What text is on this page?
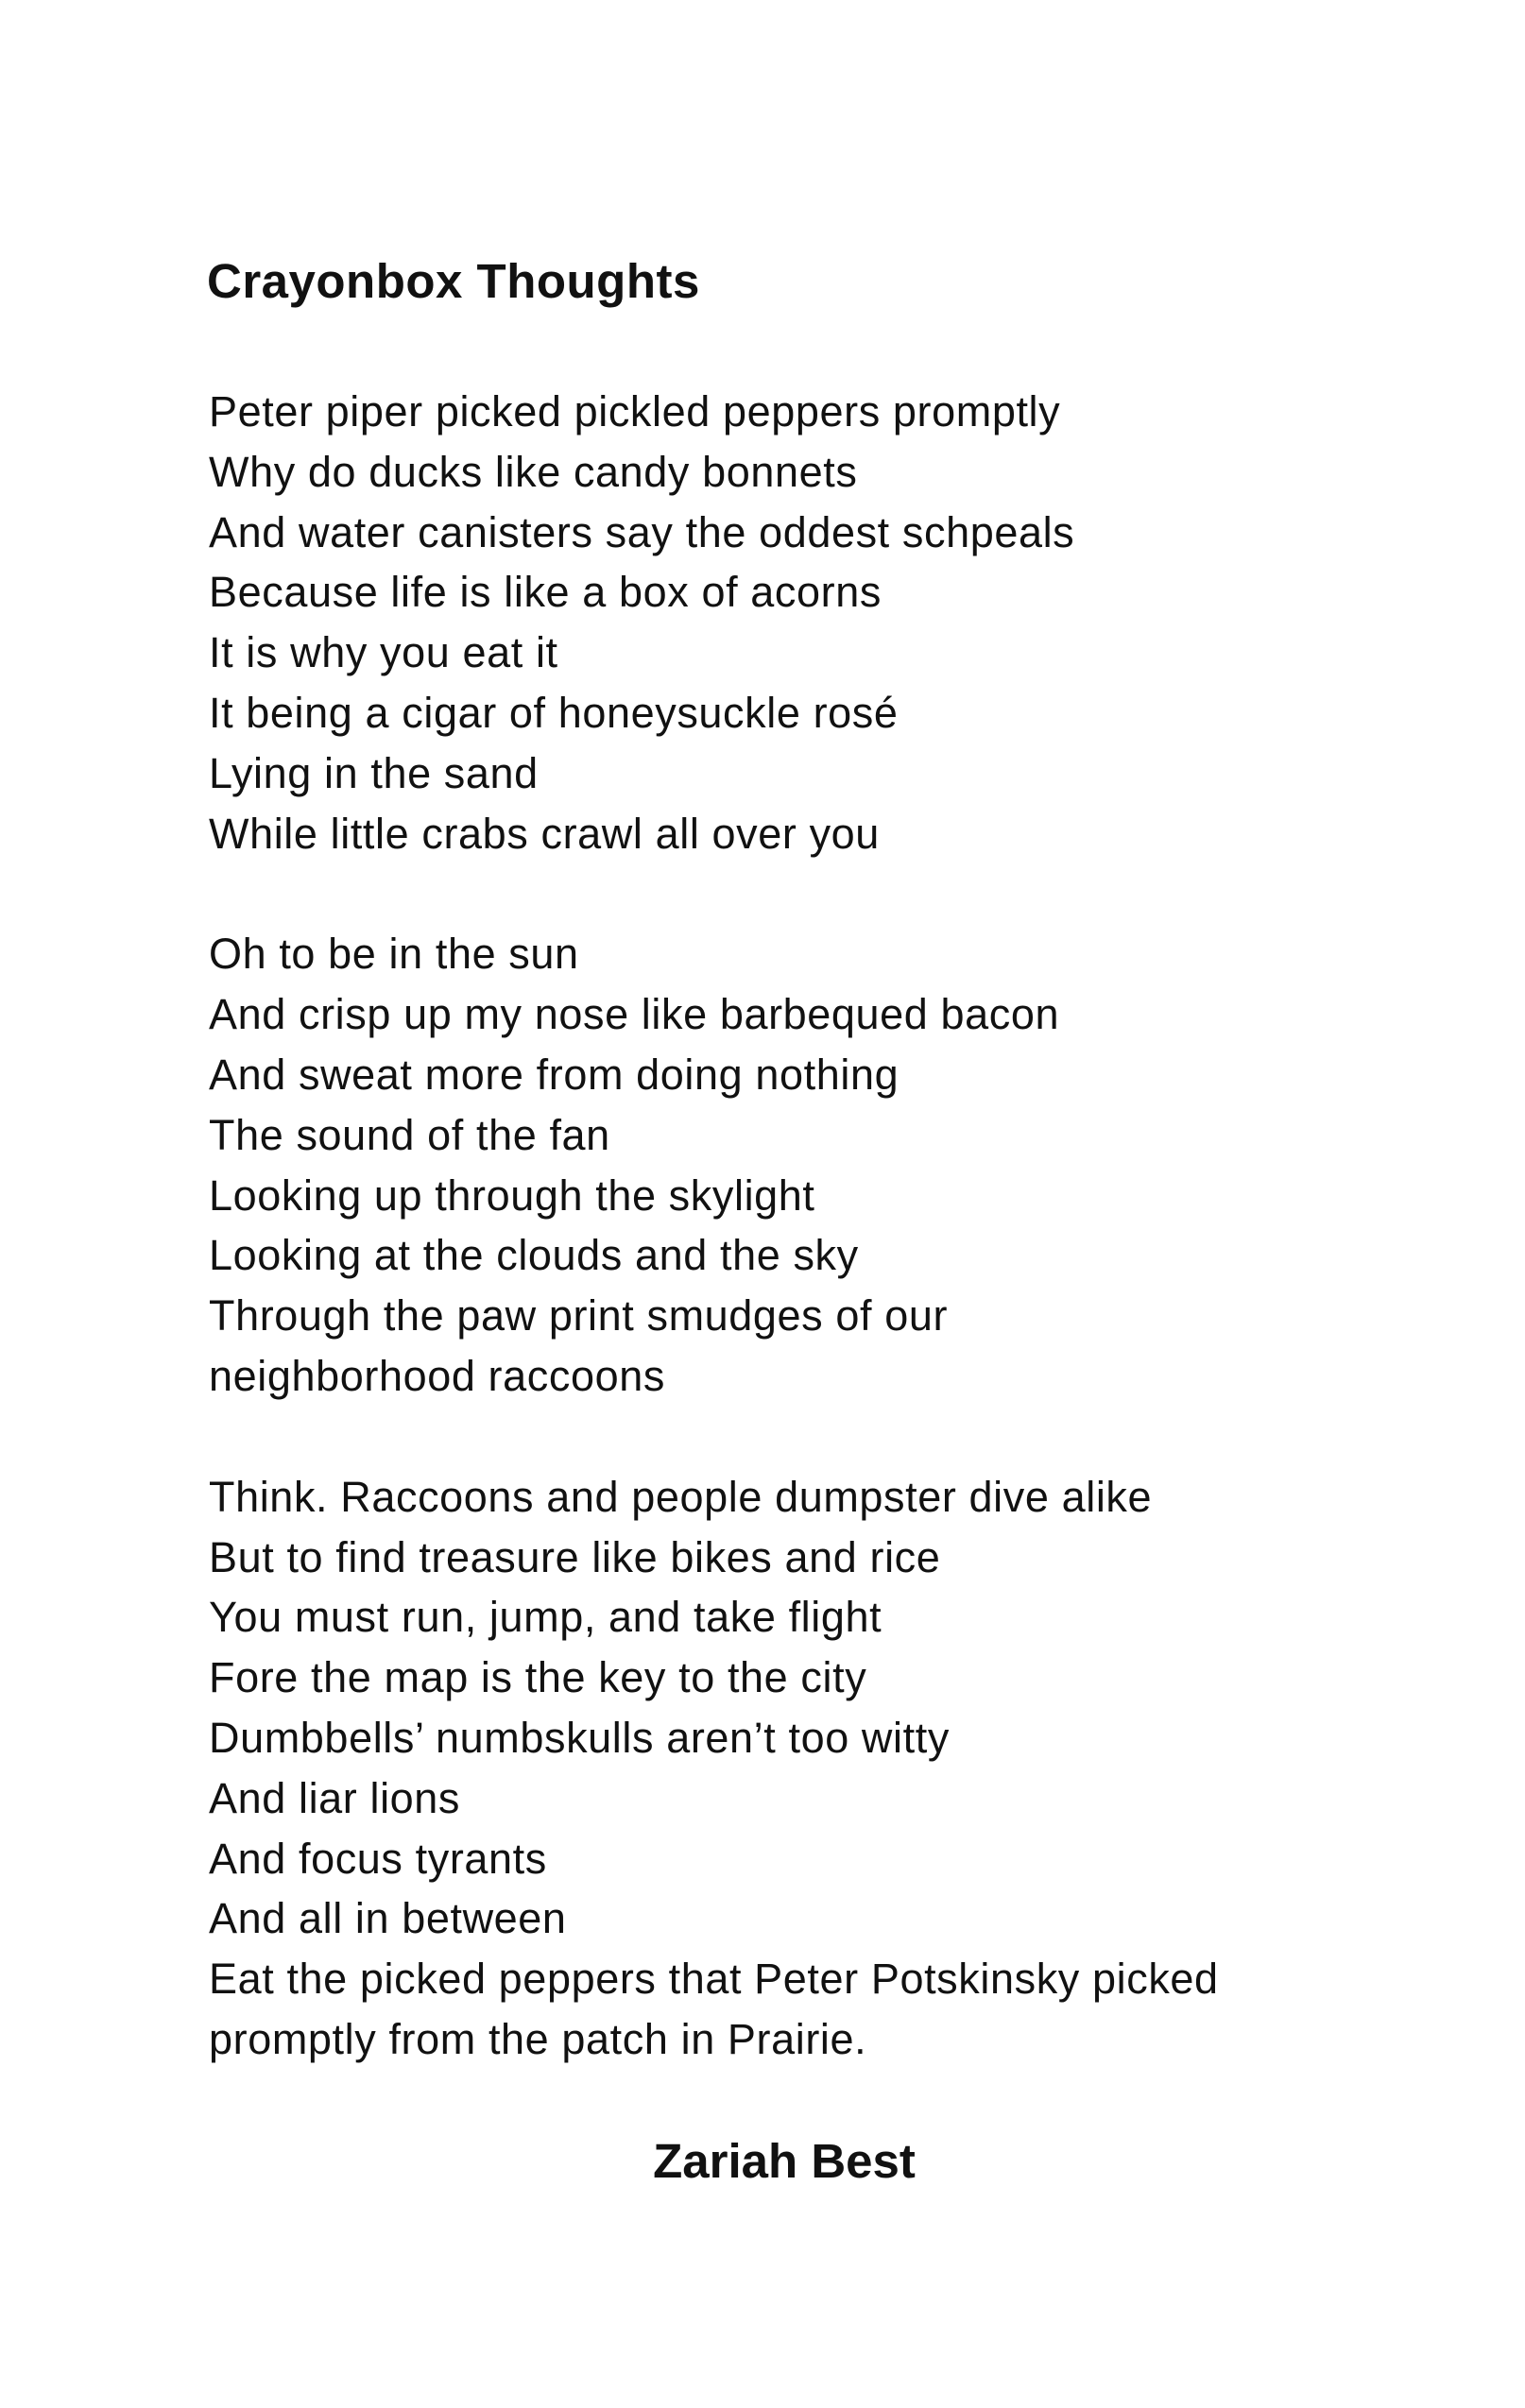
Crayonbox Thoughts
Peter piper picked pickled peppers promptly
Why do ducks like candy bonnets
And water canisters say the oddest schpeals
Because life is like a box of acorns
It is why you eat it
It being a cigar of honeysuckle rosé
Lying in the sand
While little crabs crawl all over you
Oh to be in the sun
And crisp up my nose like barbequed bacon
And sweat more from doing nothing
The sound of the fan
Looking up through the skylight
Looking at the clouds and the sky
Through the paw print smudges of our
neighborhood raccoons
Think. Raccoons and people dumpster dive alike
But to find treasure like bikes and rice
You must run, jump, and take flight
Fore the map is the key to the city
Dumbbells’ numbskulls aren’t too witty
And liar lions
And focus tyrants
And all in between
Eat the picked peppers that Peter Potskinsky picked
promptly from the patch in Prairie.
Zariah Best
